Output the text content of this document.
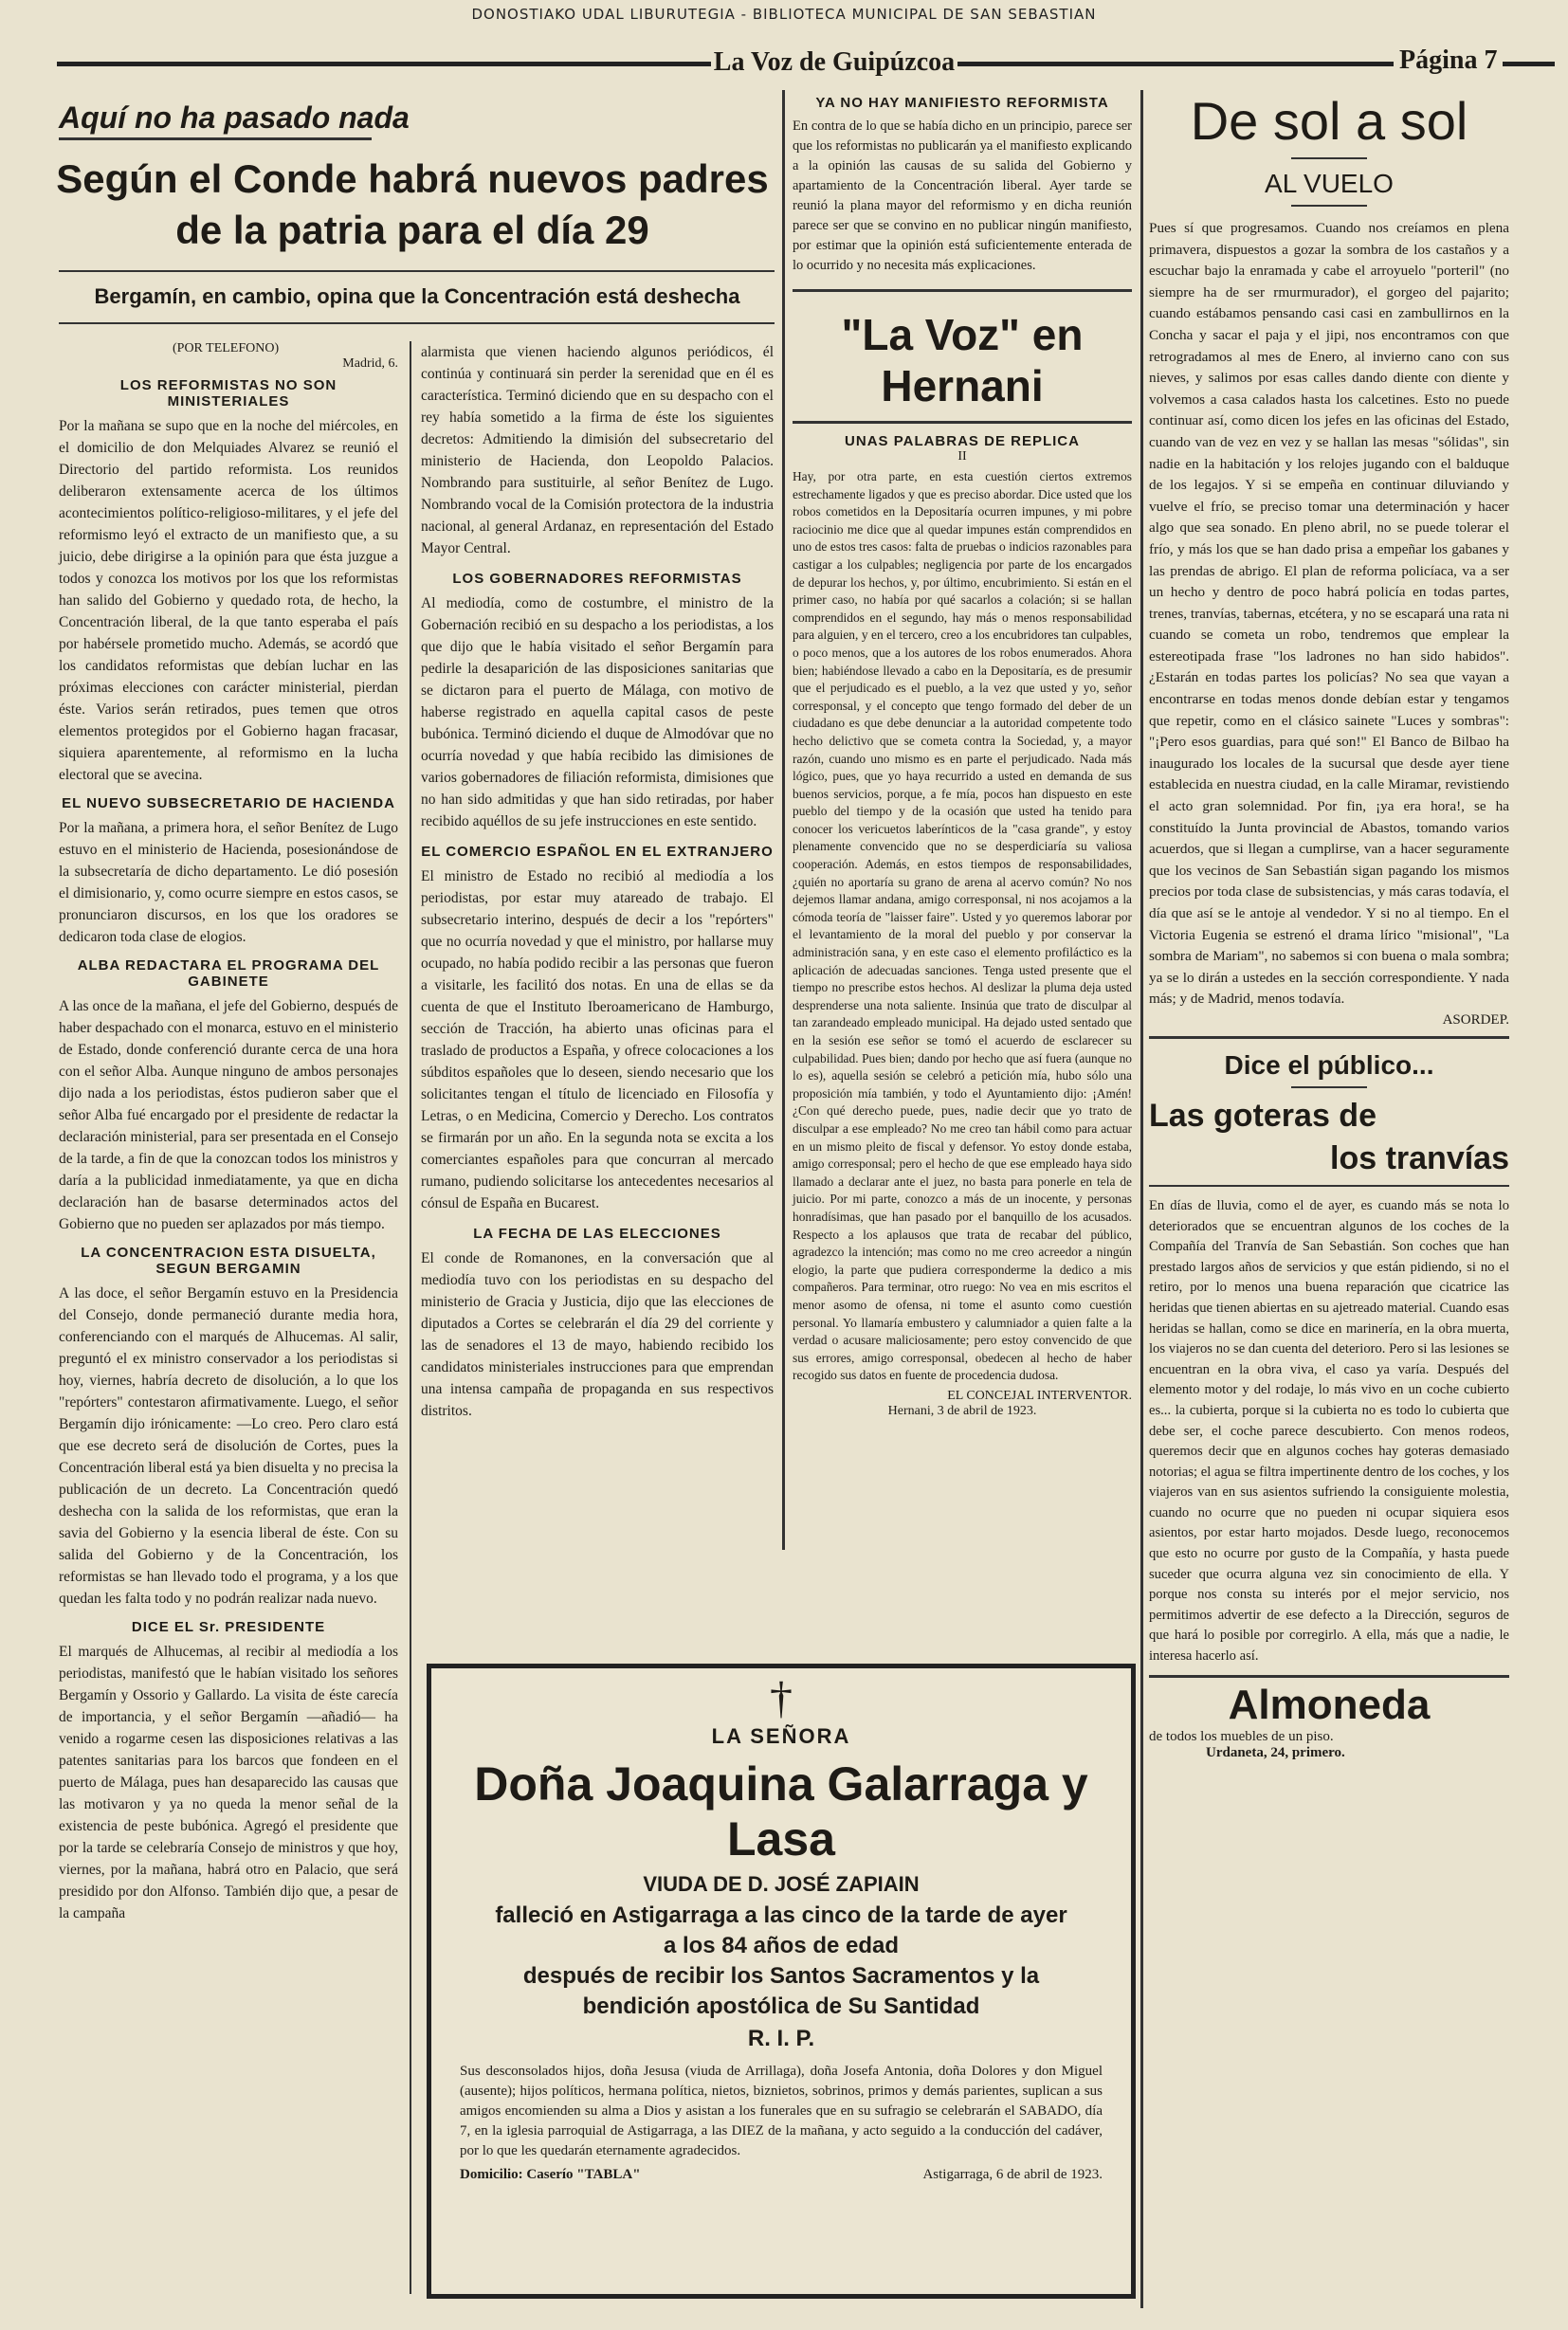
DONOSTIAKO UDAL LIBURUTEGIA - BIBLIOTECA MUNICIPAL DE SAN SEBASTIAN
La Voz de Guipúzcoa	Página 7
Aquí no ha pasado nada
Según el Conde habrá nuevos padres de la patria para el día 29
Bergamín, en cambio, opina que la Concentración está deshecha
(POR TELEFONO)
Madrid, 6.
LOS REFORMISTAS NO SON MINISTERIALES
Por la mañana se supo que en la noche del miércoles, en el domicilio de don Melquiades Alvarez se reunió el Directorio del partido reformista. Los reunidos deliberaron extensamente acerca de los últimos acontecimientos político-religioso-militares, y el jefe del reformismo leyó el extracto de un manifiesto que, a su juicio, debe dirigirse a la opinión para que ésta juzgue a todos y conozca los motivos por los que los reformistas han salido del Gobierno y quedado rota, de hecho, la Concentración liberal, de la que tanto esperaba el país por habérsele prometido mucho. Además, se acordó que los candidatos reformistas que debían luchar en las próximas elecciones con carácter ministerial, pierdan éste. Varios serán retirados, pues temen que otros elementos protegidos por el Gobierno hagan fracasar, siquiera aparentemente, al reformismo en la lucha electoral que se avecina.
EL NUEVO SUBSECRETARIO DE HACIENDA
Por la mañana, a primera hora, el señor Benítez de Lugo estuvo en el ministerio de Hacienda, posesionándose de la subsecretaría de dicho departamento. Le dió posesión el dimisionario, y, como ocurre siempre en estos casos, se pronunciaron discursos, en los que los oradores se dedicaron toda clase de elogios.
ALBA REDACTARA EL PROGRAMA DEL GABINETE
A las once de la mañana, el jefe del Gobierno, después de haber despachado con el monarca, estuvo en el ministerio de Estado, donde conferenció durante cerca de una hora con el señor Alba. Aunque ninguno de ambos personajes dijo nada a los periodistas, éstos pudieron saber que el señor Alba fué encargado por el presidente de redactar la declaración ministerial, para ser presentada en el Consejo de la tarde, a fin de que la conozcan todos los ministros y daría a la publicidad inmediatamente, ya que en dicha declaración han de basarse determinados actos del Gobierno que no pueden ser aplazados por más tiempo.
LA CONCENTRACION ESTA DISUELTA, SEGUN BERGAMIN
A las doce, el señor Bergamín estuvo en la Presidencia del Consejo, donde permaneció durante media hora, conferenciando con el marqués de Alhucemas. Al salir, preguntó el ex ministro conservador a los periodistas si hoy, viernes, habría decreto de disolución, a lo que los "repórters" contestaron afirmativamente. Luego, el señor Bergamín dijo irónicamente: —Lo creo. Pero claro está que ese decreto será de disolución de Cortes, pues la Concentración liberal está ya bien disuelta y no precisa la publicación de un decreto. La Concentración quedó deshecha con la salida de los reformistas, que eran la savia del Gobierno y la esencia liberal de éste. Con su salida del Gobierno y de la Concentración, los reformistas se han llevado todo el programa, y a los que quedan les falta todo y no podrán realizar nada nuevo.
DICE EL Sr. PRESIDENTE
El marqués de Alhucemas, al recibir al mediodía a los periodistas, manifestó que le habían visitado los señores Bergamín y Ossorio y Gallardo. La visita de éste carecía de importancia, y el señor Bergamín —añadió— ha venido a rogarme cesen las disposiciones relativas a las patentes sanitarias para los barcos que fondeen en el puerto de Málaga, pues han desaparecido las causas que las motivaron y ya no queda la menor señal de la existencia de peste bubónica. Agregó el presidente que por la tarde se celebraría Consejo de ministros y que hoy, viernes, por la mañana, habrá otro en Palacio, que será presidido por don Alfonso. También dijo que, a pesar de la campaña
alarmista que vienen haciendo algunos periódicos, él continúa y continuará sin perder la serenidad que en él es característica. Terminó diciendo que en su despacho con el rey había sometido a la firma de éste los siguientes decretos: Admitiendo la dimisión del subsecretario del ministerio de Hacienda, don Leopoldo Palacios. Nombrando para sustituirle, al señor Benítez de Lugo. Nombrando vocal de la Comisión protectora de la industria nacional, al general Ardanaz, en representación del Estado Mayor Central.
LOS GOBERNADORES REFORMISTAS
Al mediodía, como de costumbre, el ministro de la Gobernación recibió en su despacho a los periodistas, a los que dijo que le había visitado el señor Bergamín para pedirle la desaparición de las disposiciones sanitarias que se dictaron para el puerto de Málaga, con motivo de haberse registrado en aquella capital casos de peste bubónica. Terminó diciendo el duque de Almodóvar que no ocurría novedad y que había recibido las dimisiones de varios gobernadores de filiación reformista, dimisiones que no han sido admitidas y que han sido retiradas, por haber recibido aquéllos de su jefe instrucciones en este sentido.
EL COMERCIO ESPAÑOL EN EL EXTRANJERO
El ministro de Estado no recibió al mediodía a los periodistas, por estar muy atareado de trabajo. El subsecretario interino, después de decir a los "repórters" que no ocurría novedad y que el ministro, por hallarse muy ocupado, no había podido recibir a las personas que fueron a visitarle, les facilitó dos notas. En una de ellas se da cuenta de que el Instituto Iberoamericano de Hamburgo, sección de Tracción, ha abierto unas oficinas para el traslado de productos a España, y ofrece colocaciones a los súbditos españoles que lo deseen, siendo necesario que los solicitantes tengan el título de licenciado en Filosofía y Letras, o en Medicina, Comercio y Derecho. Los contratos se firmarán por un año. En la segunda nota se excita a los comerciantes españoles para que concurran al mercado rumano, pudiendo solicitarse los antecedentes necesarios al cónsul de España en Bucarest.
LA FECHA DE LAS ELECCIONES
El conde de Romanones, en la conversación que al mediodía tuvo con los periodistas en su despacho del ministerio de Gracia y Justicia, dijo que las elecciones de diputados a Cortes se celebrarán el día 29 del corriente y las de senadores el 13 de mayo, habiendo recibido los candidatos ministeriales instrucciones para que emprendan una intensa campaña de propaganda en sus respectivos distritos.
YA NO HAY MANIFIESTO REFORMISTA
En contra de lo que se había dicho en un principio, parece ser que los reformistas no publicarán ya el manifiesto explicando a la opinión las causas de su salida del Gobierno y apartamiento de la Concentración liberal. Ayer tarde se reunió la plana mayor del reformismo y en dicha reunión parece ser que se convino en no publicar ningún manifiesto, por estimar que la opinión está suficientemente enterada de lo ocurrido y no necesita más explicaciones.
"La Voz" en Hernani
UNAS PALABRAS DE REPLICA
II
Hay, por otra parte, en esta cuestión ciertos extremos estrechamente ligados y que es preciso abordar. Dice usted que los robos cometidos en la Depositaría ocurren impunes, y mi pobre raciocinio me dice que al quedar impunes están comprendidos en uno de estos tres casos: falta de pruebas o indicios razonables para castigar a los culpables; negligencia por parte de los encargados de depurar los hechos, y, por último, encubrimiento. Si están en el primer caso, no había por qué sacarlos a colación; si se hallan comprendidos en el segundo, hay más o menos responsabilidad para alguien, y en el tercero, creo a los encubridores tan culpables, o poco menos, que a los autores de los robos enumerados. Ahora bien; habiéndose llevado a cabo en la Depositaría, es de presumir que el perjudicado es el pueblo, a la vez que usted y yo, señor corresponsal, y el concepto que tengo formado del deber de un ciudadano es que debe denunciar a la autoridad competente todo hecho delictivo que se cometa contra la Sociedad, y, a mayor razón, cuando uno mismo es en parte el perjudicado. Nada más lógico, pues, que yo haya recurrido a usted en demanda de sus buenos servicios, porque, a fe mía, pocos han dispuesto en este pueblo del tiempo y de la ocasión que usted ha tenido para conocer los vericuetos laberínticos de la "casa grande", y estoy plenamente convencido que no se desperdiciaría su valiosa cooperación. Además, en estos tiempos de responsabilidades, ¿quién no aportaría su grano de arena al acervo común? No nos dejemos llamar andana, amigo corresponsal, ni nos acojamos a la cómoda teoría de "laisser faire". Usted y yo queremos laborar por el levantamiento de la moral del pueblo y por conservar la administración sana, y en este caso el elemento profiláctico es la aplicación de adecuadas sanciones. Tenga usted presente que el tiempo no prescribe estos hechos. Al deslizar la pluma deja usted desprenderse una nota saliente. Insinúa que trato de disculpar al tan zarandeado empleado municipal. Ha dejado usted sentado que en la sesión ese señor se tomó el acuerdo de esclarecer su culpabilidad. Pues bien; dando por hecho que así fuera (aunque no lo es), aquella sesión se celebró a petición mía, hubo sólo una proposición mía también, y todo el Ayuntamiento dijo: ¡Amén! ¿Con qué derecho puede, pues, nadie decir que yo trato de disculpar a ese empleado? No me creo tan hábil como para actuar en un mismo pleito de fiscal y defensor. Yo estoy donde estaba, amigo corresponsal; pero el hecho de que ese empleado haya sido llamado a declarar ante el juez, no basta para ponerle en tela de juicio. Por mi parte, conozco a más de un inocente, y personas honradísimas, que han pasado por el banquillo de los acusados. Respecto a los aplausos que trata de recabar del público, agradezco la intención; mas como no me creo acreedor a ningún elogio, la parte que pudiera corresponderme la dedico a mis compañeros. Para terminar, otro ruego: No vea en mis escritos el menor asomo de ofensa, ni tome el asunto como cuestión personal. Yo llamaría embustero y calumniador a quien falte a la verdad o acusare maliciosamente; pero estoy convencido de que sus errores, amigo corresponsal, obedecen al hecho de haber recogido sus datos en fuente de procedencia dudosa.
EL CONCEJAL INTERVENTOR.
Hernani, 3 de abril de 1923.
†
LA SEÑORA
Doña Joaquina Galarraga y Lasa
VIUDA DE D. JOSÉ ZAPIAIN
falleció en Astigarraga a las cinco de la tarde de ayer
a los 84 años de edad
después de recibir los Santos Sacramentos y la
bendición apostólica de Su Santidad
R. I. P.
Sus desconsolados hijos, doña Jesusa (viuda de Arrillaga), doña Josefa Antonia, doña Dolores y don Miguel (ausente); hijos políticos, hermana política, nietos, biznietos, sobrinos, primos y demás parientes, suplican a sus amigos encomienden su alma a Dios y asistan a los funerales que en su sufragio se celebrarán el SABADO, día 7, en la iglesia parroquial de Astigarraga, a las DIEZ de la mañana, y acto seguido a la conducción del cadáver, por lo que les quedarán eternamente agradecidos.
Domicilio: Caserío "TABLA"	Astigarraga, 6 de abril de 1923.
De sol a sol
AL VUELO
Pues sí que progresamos. Cuando nos creíamos en plena primavera, dispuestos a gozar la sombra de los castaños y a escuchar bajo la enramada y cabe el arroyuelo "porteril" (no siempre ha de ser rmurmurador), el gorgeo del pajarito; cuando estábamos pensando casi casi en zambullirnos en la Concha y sacar el paja y el jipi, nos encontramos con que retrogradamos al mes de Enero, al invierno cano con sus nieves, y salimos por esas calles dando diente con diente y volvemos a casa calados hasta los calcetines. Esto no puede continuar así, como dicen los jefes en las oficinas del Estado, cuando van de vez en vez y se hallan las mesas "sólidas", sin nadie en la habitación y los relojes jugando con el balduque de los legajos. Y si se empeña en continuar diluviando y vuelve el frío, se preciso tomar una determinación y hacer algo que sea sonado. En pleno abril, no se puede tolerar el frío, y más los que se han dado prisa a empeñar los gabanes y las prendas de abrigo. El plan de reforma policíaca, va a ser un hecho y dentro de poco habrá policía en todas partes, trenes, tranvías, tabernas, etcétera, y no se escapará una rata ni cuando se cometa un robo, tendremos que emplear la estereotipada frase "los ladrones no han sido habidos". ¿Estarán en todas partes los policías? No sea que vayan a encontrarse en todas menos donde debían estar y tengamos que repetir, como en el clásico sainete "Luces y sombras": "¡Pero esos guardias, para qué son!" El Banco de Bilbao ha inaugurado los locales de la sucursal que desde ayer tiene establecida en nuestra ciudad, en la calle Miramar, revistiendo el acto gran solemnidad. Por fin, ¡ya era hora!, se ha constituído la Junta provincial de Abastos, tomando varios acuerdos, que si llegan a cumplirse, van a hacer seguramente que los vecinos de San Sebastián sigan pagando los mismos precios por toda clase de subsistencias, y más caras todavía, el día que así se le antoje al vendedor. Y si no al tiempo. En el Victoria Eugenia se estrenó el drama lírico "misional", "La sombra de Mariam", no sabemos si con buena o mala sombra; ya se lo dirán a ustedes en la sección correspondiente. Y nada más; y de Madrid, menos todavía.
ASORDEP.
Dice el público...
Las goteras de
los tranvías
En días de lluvia, como el de ayer, es cuando más se nota lo deteriorados que se encuentran algunos de los coches de la Compañía del Tranvía de San Sebastián. Son coches que han prestado largos años de servicios y que están pidiendo, si no el retiro, por lo menos una buena reparación que cicatrice las heridas que tienen abiertas en su ajetreado material. Cuando esas heridas se hallan, como se dice en marinería, en la obra muerta, los viajeros no se dan cuenta del deterioro. Pero si las lesiones se encuentran en la obra viva, el caso ya varía. Después del elemento motor y del rodaje, lo más vivo en un coche cubierto es... la cubierta, porque si la cubierta no es todo lo cubierta que debe ser, el coche parece descubierto. Con menos rodeos, queremos decir que en algunos coches hay goteras demasiado notorias; el agua se filtra impertinente dentro de los coches, y los viajeros van en sus asientos sufriendo la consiguiente molestia, cuando no ocurre que no pueden ni ocupar siquiera esos asientos, por estar harto mojados. Desde luego, reconocemos que esto no ocurre por gusto de la Compañía, y hasta puede suceder que ocurra alguna vez sin conocimiento de ella. Y porque nos consta su interés por el mejor servicio, nos permitimos advertir de ese defecto a la Dirección, seguros de que hará lo posible por corregirlo. A ella, más que a nadie, le interesa hacerlo así.
Almoneda
de todos los muebles de un piso.
Urdaneta, 24, primero.
